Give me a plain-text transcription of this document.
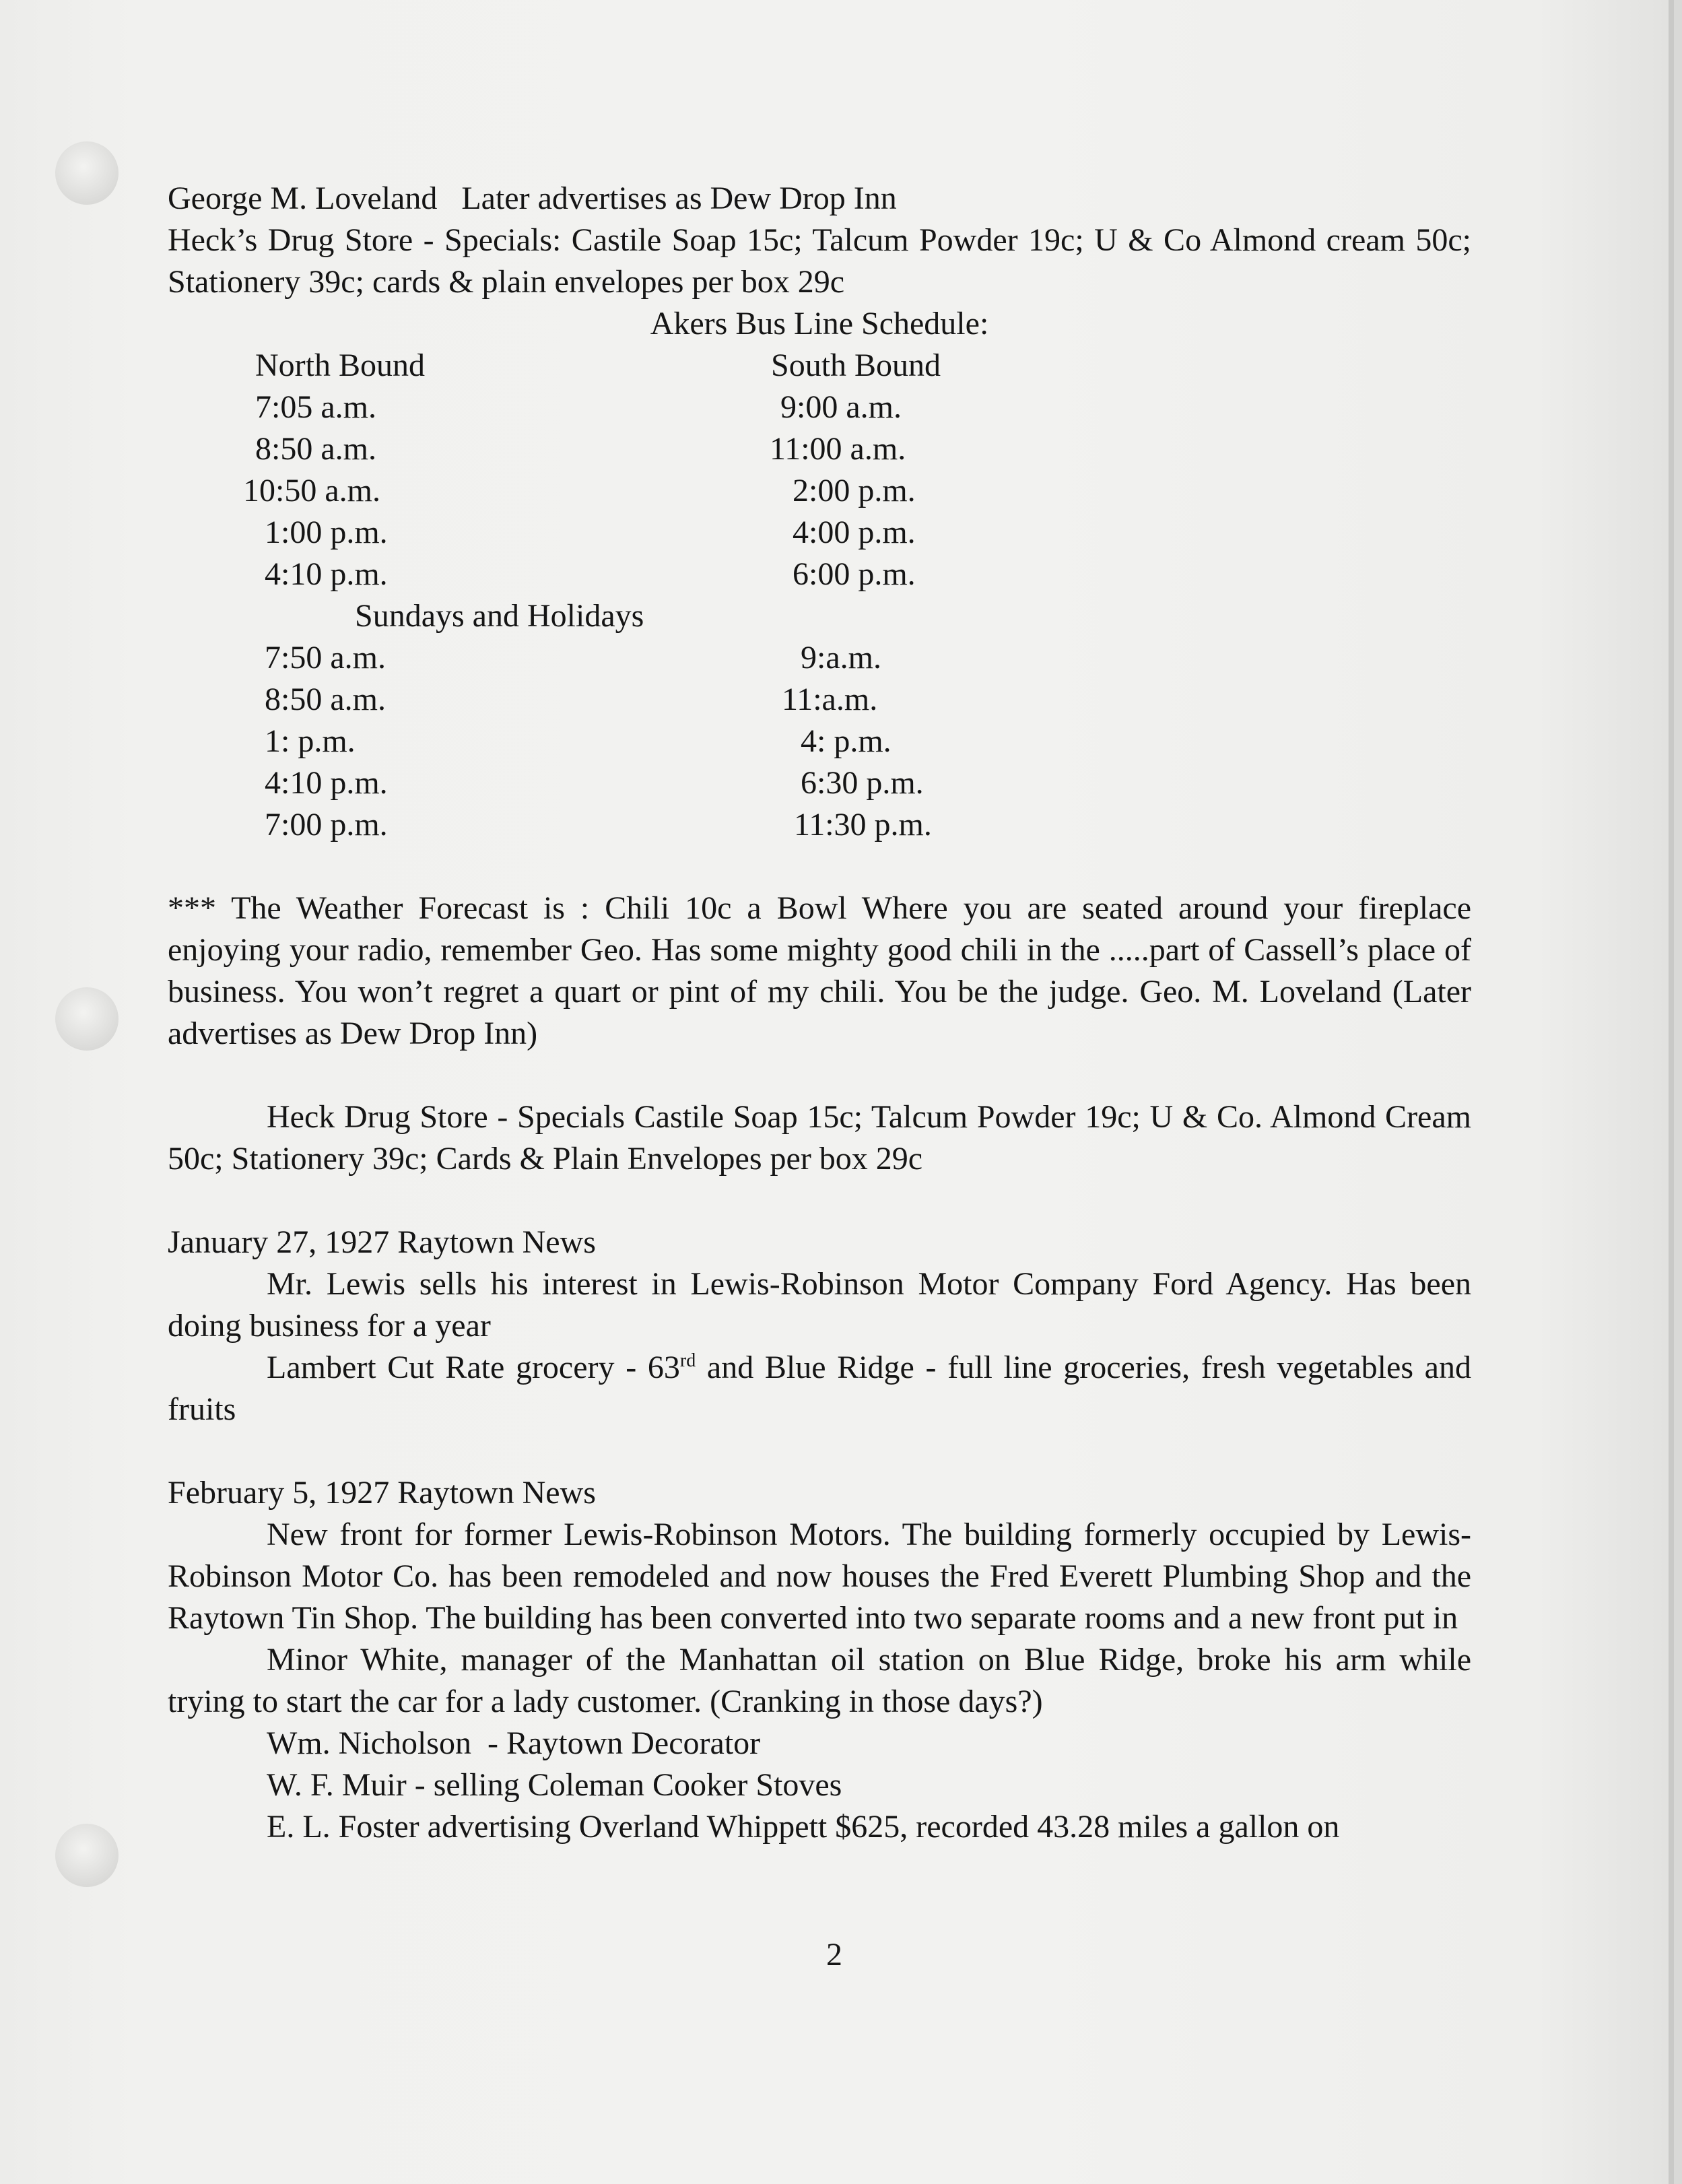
George M. Loveland   Later advertises as Dew Drop Inn
Heck’s Drug Store - Specials: Castile Soap 15c; Talcum Powder 19c; U & Co Almond cream 50c; Stationery 39c; cards & plain envelopes per box 29c
Akers Bus Line Schedule:
North Bound
7:05 a.m.
8:50 a.m.
10:50 a.m.
1:00 p.m.
4:10 p.m.
Sundays and Holidays
7:50 a.m.
8:50 a.m.
1: p.m.
4:10 p.m.
7:00 p.m.
South Bound
9:00 a.m.
11:00 a.m.
2:00 p.m.
4:00 p.m.
6:00 p.m.
9:a.m.
11:a.m.
4: p.m.
6:30 p.m.
11:30 p.m.
*** The Weather Forecast is : Chili 10c a Bowl Where you are seated around your fireplace enjoying your radio, remember Geo. Has some mighty good chili in the .....part of Cassell’s place of business. You won’t regret a quart or pint of my chili. You be the judge. Geo. M. Loveland (Later advertises as Dew Drop Inn)
Heck Drug Store - Specials Castile Soap 15c; Talcum Powder 19c; U & Co. Almond Cream 50c; Stationery 39c; Cards & Plain Envelopes per box 29c
January 27, 1927 Raytown News
Mr. Lewis sells his interest in Lewis-Robinson Motor Company Ford Agency. Has been doing business for a year
Lambert Cut Rate grocery - 63rd and Blue Ridge - full line groceries, fresh vegetables and fruits
February 5, 1927 Raytown News
New front for former Lewis-Robinson Motors. The building formerly occupied by Lewis-Robinson Motor Co. has been remodeled and now houses the Fred Everett Plumbing Shop and the Raytown Tin Shop. The building has been converted into two separate rooms and a new front put in
Minor White, manager of the Manhattan oil station on Blue Ridge, broke his arm while trying to start the car for a lady customer. (Cranking in those days?)
Wm. Nicholson  - Raytown Decorator
W. F. Muir - selling Coleman Cooker Stoves
E. L. Foster advertising Overland Whippett $625, recorded 43.28 miles a gallon on
2
